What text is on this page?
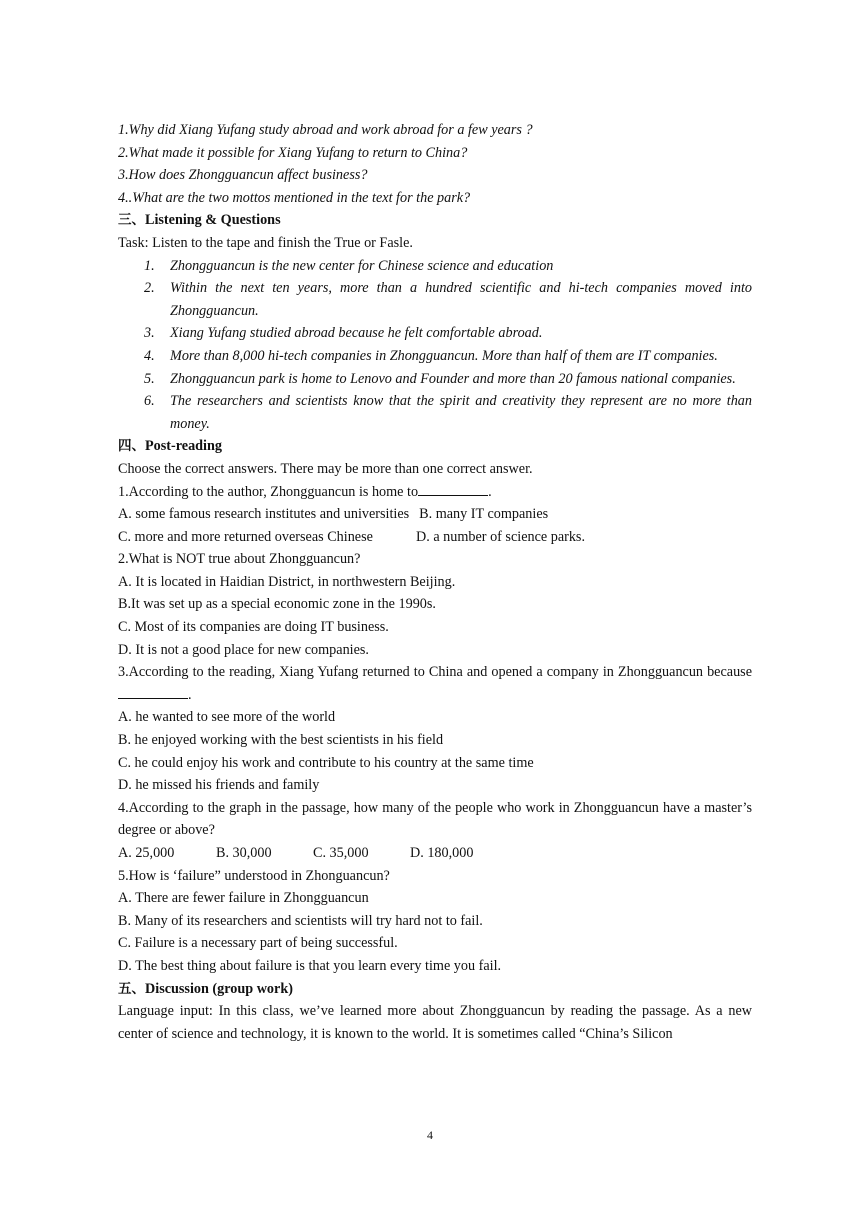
1.Why did Xiang Yufang study abroad and work abroad for a few years ?
2.What made it possible for Xiang Yufang to return to China?
3.How does Zhongguancun affect business?
4..What are the two mottos mentioned in the text for the park?
三、Listening & Questions
Task: Listen to the tape and finish the True or Fasle.
1. Zhongguancun is the new center for Chinese science and education
2. Within the next ten years, more than a hundred scientific and hi-tech companies moved into Zhongguancun.
3. Xiang Yufang studied abroad because he felt comfortable abroad.
4. More than 8,000 hi-tech companies in Zhongguancun. More than half of them are IT companies.
5. Zhongguancun park is home to Lenovo and Founder and more than 20 famous national companies.
6. The researchers and scientists know that the spirit and creativity they represent are no more than money.
四、Post-reading
Choose the correct answers. There may be more than one correct answer.
1.According to the author, Zhongguancun is home to	.
A. some famous research institutes and universities B. many IT companies
C. more and more returned overseas Chinese	D. a number of science parks.
2.What is NOT true about Zhongguancun?
A. It is located in Haidian District, in northwestern Beijing.
B.It was set up as a special economic zone in the 1990s.
C. Most of its companies are doing IT business.
D. It is not a good place for new companies.
3.According to the reading, Xiang Yufang returned to China and opened a company in Zhongguancun because.
A. he wanted to see more of the world
B. he enjoyed working with the best scientists in his field
C. he could enjoy his work and contribute to his country at the same time
D. he missed his friends and family
4.According to the graph in the passage, how many of the people who work in Zhongguancun have a master’s degree or above?
A. 25,000	B. 30,000	C. 35,000	D. 180,000
5.How is ‘failure” understood in Zhonguancun?
A. There are fewer failure in Zhongguancun
B. Many of its researchers and scientists will try hard not to fail.
C. Failure is a necessary part of being successful.
D. The best thing about failure is that you learn every time you fail.
五、Discussion (group work)
Language input: In this class, we’ve learned more about Zhongguancun by reading the passage. As a new center of science and technology, it is known to the world. It is sometimes called “China’s Silicon
4
